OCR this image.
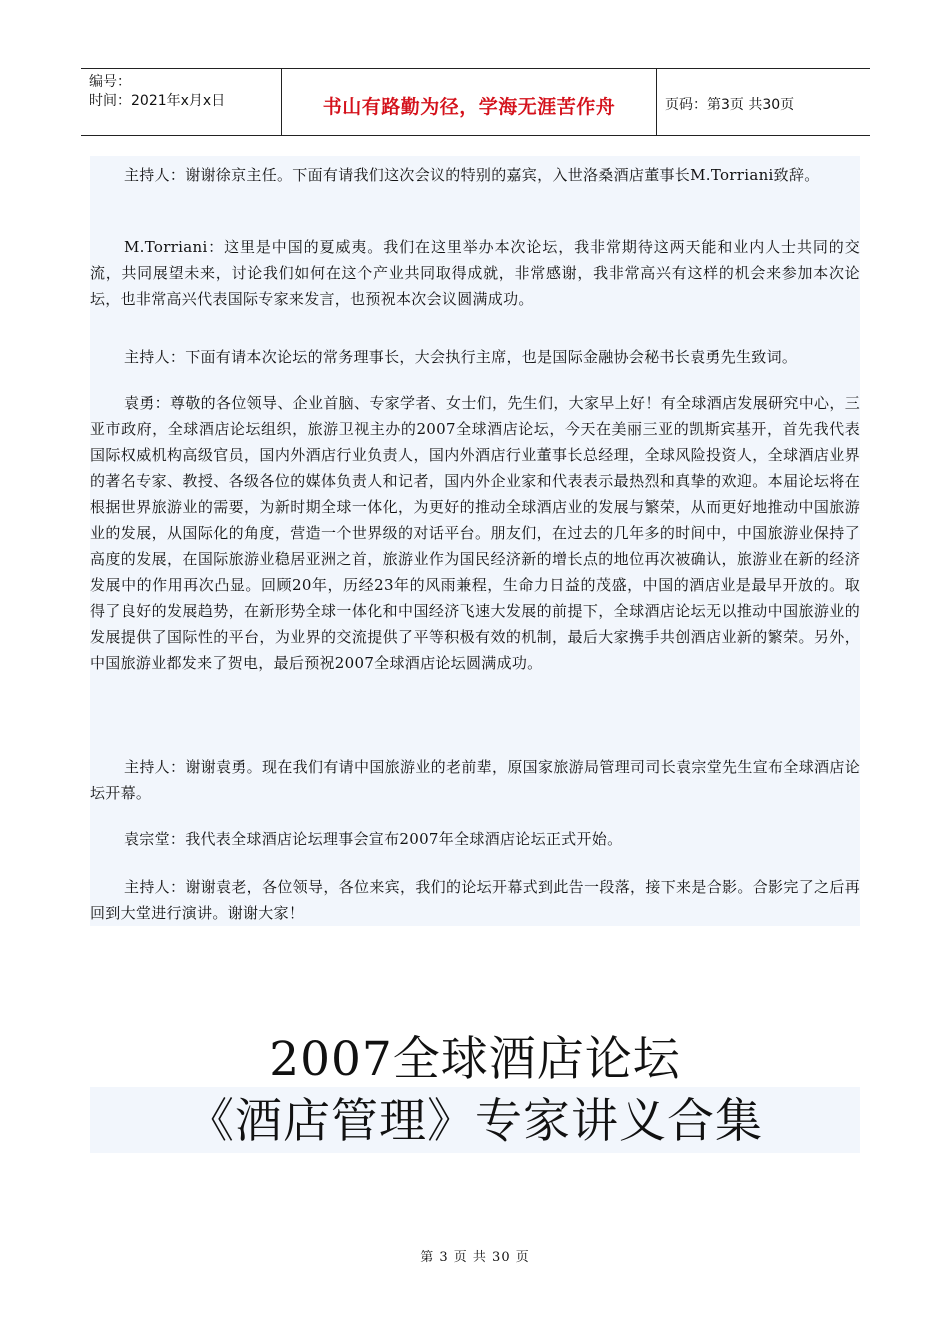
编号：
时间：2021年x月x日	书山有路勤为径，学海无涯苦作舟	页码：第3页 共30页

主持人：谢谢徐京主任。下面有请我们这次会议的特别的嘉宾，入世洛桑酒店董事长M.Torriani致辞。

M.Torriani：这里是中国的夏威夷。我们在这里举办本次论坛，我非常期待这两天能和业内人士共同的交流，共同展望未来，讨论我们如何在这个产业共同取得成就，非常感谢，我非常高兴有这样的机会来参加本次论坛，也非常高兴代表国际专家来发言，也预祝本次会议圆满成功。

主持人：下面有请本次论坛的常务理事长，大会执行主席，也是国际金融协会秘书长袁勇先生致词。

袁勇：尊敬的各位领导、企业首脑、专家学者、女士们，先生们，大家早上好！有全球酒店发展研究中心，三亚市政府，全球酒店论坛组织，旅游卫视主办的2007全球酒店论坛，今天在美丽三亚的凯斯宾基开，首先我代表国际权威机构高级官员，国内外酒店行业负责人，国内外酒店行业董事长总经理，全球风险投资人，全球酒店业界的著名专家、教授、各级各位的媒体负责人和记者，国内外企业家和代表表示最热烈和真挚的欢迎。本届论坛将在根据世界旅游业的需要，为新时期全球一体化，为更好的推动全球酒店业的发展与繁荣，从而更好地推动中国旅游业的发展，从国际化的角度，营造一个世界级的对话平台。朋友们，在过去的几年多的时间中，中国旅游业保持了高度的发展，在国际旅游业稳居亚洲之首，旅游业作为国民经济新的增长点的地位再次被确认，旅游业在新的经济发展中的作用再次凸显。回顾20年，历经23年的风雨兼程，生命力日益的茂盛，中国的酒店业是最早开放的。取得了良好的发展趋势，在新形势全球一体化和中国经济飞速大发展的前提下，全球酒店论坛无以推动中国旅游业的发展提供了国际性的平台，为业界的交流提供了平等积极有效的机制，最后大家携手共创酒店业新的繁荣。另外，中国旅游业都发来了贺电，最后预祝2007全球酒店论坛圆满成功。

主持人：谢谢袁勇。现在我们有请中国旅游业的老前辈，原国家旅游局管理司司长袁宗堂先生宣布全球酒店论坛开幕。

袁宗堂：我代表全球酒店论坛理事会宣布2007年全球酒店论坛正式开始。

主持人：谢谢袁老，各位领导，各位来宾，我们的论坛开幕式到此告一段落，接下来是合影。合影完了之后再回到大堂进行演讲。谢谢大家！

2007全球酒店论坛
《酒店管理》专家讲义合集
第 3 页 共 30 页
